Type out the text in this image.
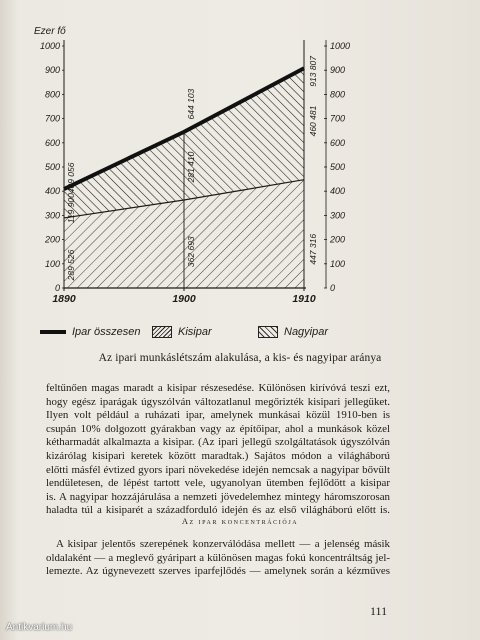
Ezer fő
0
100
200
300
400
500
600
700
800
900
1000
0
100
200
300
400
500
600
700
800
900
1000
1890	1900	1910
409 056
119 900
289 526
644 103
281 410
362 693
913 807
460 481
447 316
Ipar összesen	Kisipar	Nagyipar
Az ipari munkáslétszám alakulása, a kis- és nagyipar aránya

feltűnően magas maradt a kisipar részesedése. Különösen kirívóvá teszi ezt,

hogy egész iparágak úgyszólván változatlanul megőrizték kisipari jellegüket.

Ilyen volt például a ruházati ipar, amelynek munkásai közül 1910-ben is

csupán 10% dolgozott gyárakban vagy az építőipar, ahol a munkások közel

kétharmadát alkalmazta a kisipar. (Az ipari jellegű szolgáltatások úgyszólván

kizárólag kisipari keretek között maradtak.) Sajátos módon a világháború

előtti másfél évtized gyors ipari növekedése idején nemcsak a nagyipar bővült

lendületesen, de lépést tartott vele, ugyanolyan ütemben fejlődött a kisipar

is. A nagyipar hozzájárulása a nemzeti jövedelemhez mintegy háromszorosan

haladta túl a kisiparét a századforduló idején és az első világháború előtt is.

Az ipar koncentrációja

A kisipar jelentős szerepének konzerválódása mellett — a jelenség másik

oldalaként — a meglevő gyáripart a különösen magas fokú koncentráltság jel-

lemezte. Az úgynevezett szerves iparfejlődés — amelynek során a kézműves

111
Antikvarium.hu
